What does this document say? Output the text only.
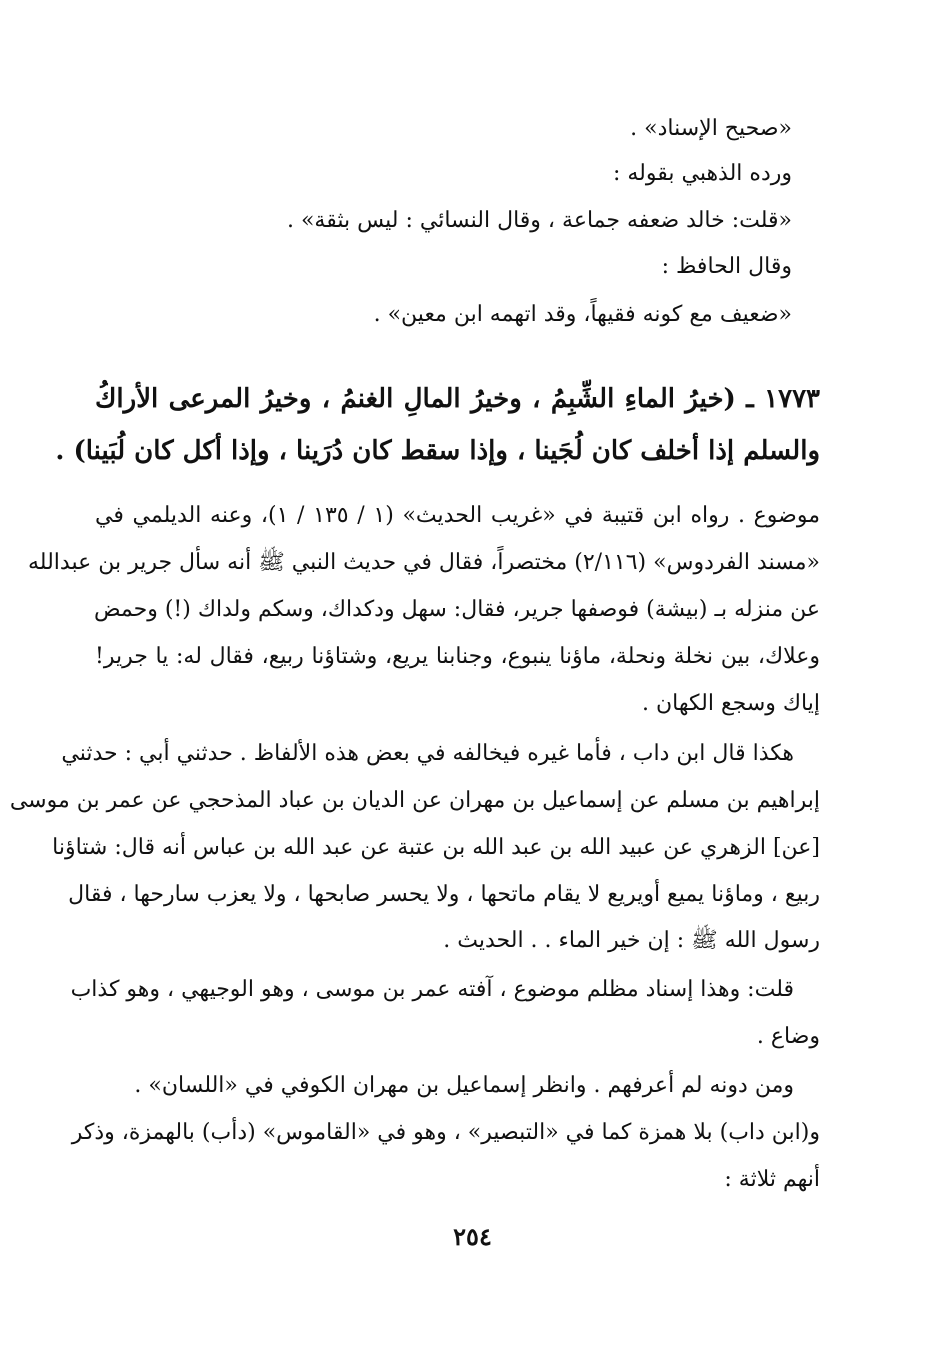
«صحيح الإسناد» .
ورده الذهبي بقوله :
«قلت: خالد ضعفه جماعة ، وقال النسائي : ليس بثقة» .
وقال الحافظ :
«ضعيف مع كونه فقيهاً، وقد اتهمه ابن معين» .
١٧٧٣ ـ (خيرُ الماءِ الشِّبِمُ ، وخيرُ المالِ الغنمُ ، وخيرُ المرعى الأراكُ
والسلم إذا أخلف كان لُجَينا ، وإذا سقط كان دُرَينا ، وإذا أكل كان لُبَينا) .
موضوع . رواه ابن قتيبة في «غريب الحديث» (١ / ١٣٥ / ١)، وعنه الديلمي في
«مسند الفردوس» (٢/١١٦) مختصراً، فقال في حديث النبي ﷺ أنه سأل جرير بن عبدالله
عن منزله بـ (بيشة) فوصفها جرير، فقال: سهل ودكداك، وسكم ولداك (!) وحمض
وعلاك، بين نخلة ونحلة، ماؤنا ينبوع، وجنابنا يريع، وشتاؤنا ربيع، فقال له: يا جرير!
إياك وسجع الكهان .
هكذا قال ابن داب ، فأما غيره فيخالفه في بعض هذه الألفاظ . حدثني أبي : حدثني
إبراهيم بن مسلم عن إسماعيل بن مهران عن الديان بن عباد المذحجي عن عمر بن موسى
[عن] الزهري عن عبيد الله بن عبد الله بن عتبة عن عبد الله بن عباس أنه قال: شتاؤنا
ربيع ، وماؤنا يميع أويريع لا يقام ماتحها ، ولا يحسر صابحها ، ولا يعزب سارحها ، فقال
رسول الله ﷺ : إن خير الماء . . الحديث .
قلت: وهذا إسناد مظلم موضوع ، آفته عمر بن موسى ، وهو الوجيهي ، وهو كذاب
وضاع .
ومن دونه لم أعرفهم . وانظر إسماعيل بن مهران الكوفي في «اللسان» .
و(ابن داب) بلا همزة كما في «التبصير» ، وهو في «القاموس» (دأب) بالهمزة، وذكر
أنهم ثلاثة :
٢٥٤
